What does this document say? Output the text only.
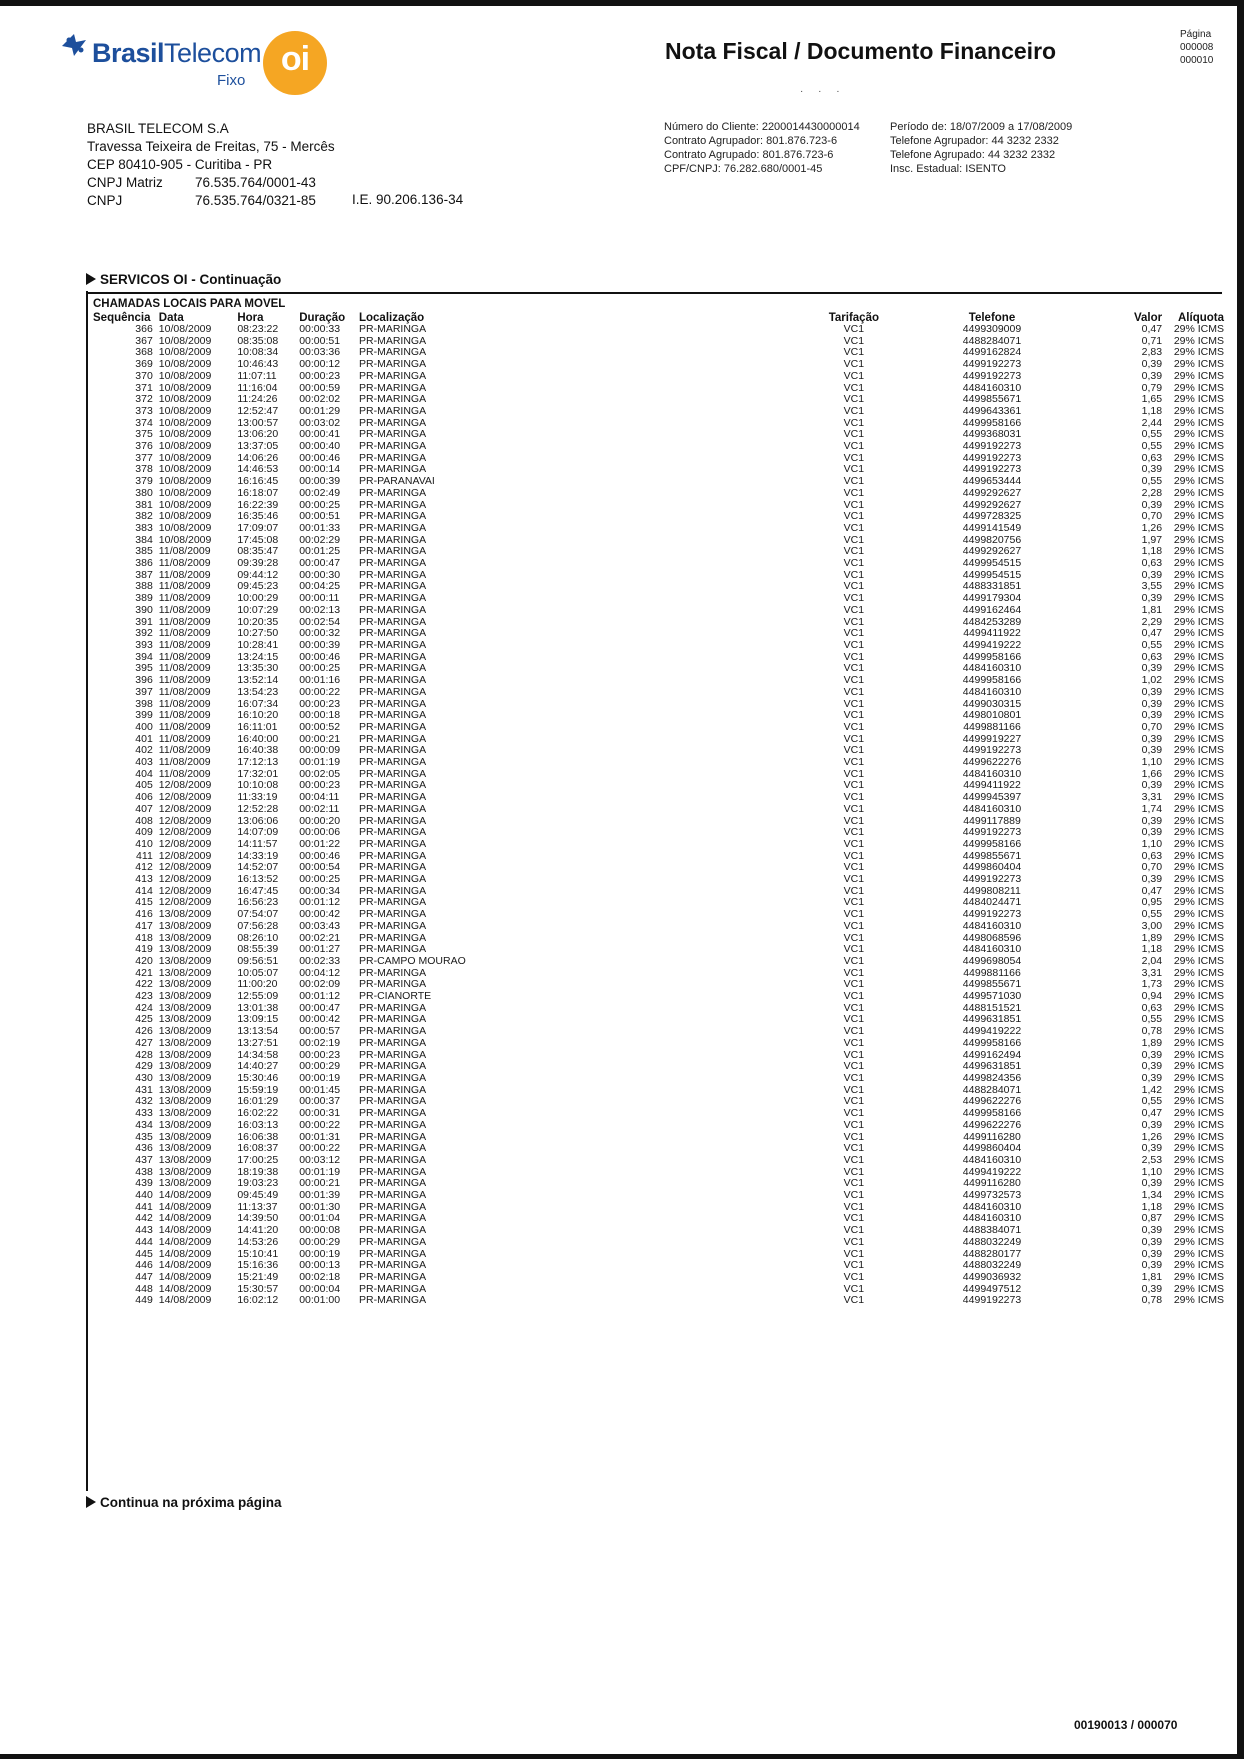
BrasilTelecom
Fixo
oi	Nota Fiscal / Documento Financeiro
· · ·
Página
000008
000010
BRASIL TELECOM S.A
Travessa Teixeira de Freitas, 75 - Mercês
CEP 80410-905 - Curitiba - PR
CNPJ Matriz 76.535.764/0001-43
CNPJ	76.535.764/0321-85	I.E. 90.206.136-34
Número do Cliente: 2200014430000014
Contrato Agrupador: 801.876.723-6
Contrato Agrupado: 801.876.723-6
CPF/CNPJ: 76.282.680/0001-45
Período de: 18/07/2009 a 17/08/2009
Telefone Agrupador: 44 3232 2332
Telefone Agrupado: 44 3232 2332
Insc. Estadual: ISENTO
SERVICOS OI - Continuação
CHAMADAS LOCAIS PARA MOVEL
Sequência	Data	Hora	Duração	Localização	Tarifação	Telefone	Valor	Alíquota
366	10/08/2009	08:23:22	00:00:33	PR-MARINGA	VC1	4499309009	0,47	29% ICMS
367	10/08/2009	08:35:08	00:00:51	PR-MARINGA	VC1	4488284071	0,71	29% ICMS
368	10/08/2009	10:08:34	00:03:36	PR-MARINGA	VC1	4499162824	2,83	29% ICMS
369	10/08/2009	10:46:43	00:00:12	PR-MARINGA	VC1	4499192273	0,39	29% ICMS
370	10/08/2009	11:07:11	00:00:23	PR-MARINGA	VC1	4499192273	0,39	29% ICMS
371	10/08/2009	11:16:04	00:00:59	PR-MARINGA	VC1	4484160310	0,79	29% ICMS
372	10/08/2009	11:24:26	00:02:02	PR-MARINGA	VC1	4499855671	1,65	29% ICMS
373	10/08/2009	12:52:47	00:01:29	PR-MARINGA	VC1	4499643361	1,18	29% ICMS
374	10/08/2009	13:00:57	00:03:02	PR-MARINGA	VC1	4499958166	2,44	29% ICMS
375	10/08/2009	13:06:20	00:00:41	PR-MARINGA	VC1	4499368031	0,55	29% ICMS
376	10/08/2009	13:37:05	00:00:40	PR-MARINGA	VC1	4499192273	0,55	29% ICMS
377	10/08/2009	14:06:26	00:00:46	PR-MARINGA	VC1	4499192273	0,63	29% ICMS
378	10/08/2009	14:46:53	00:00:14	PR-MARINGA	VC1	4499192273	0,39	29% ICMS
379	10/08/2009	16:16:45	00:00:39	PR-PARANAVAI	VC1	4499653444	0,55	29% ICMS
380	10/08/2009	16:18:07	00:02:49	PR-MARINGA	VC1	4499292627	2,28	29% ICMS
381	10/08/2009	16:22:39	00:00:25	PR-MARINGA	VC1	4499292627	0,39	29% ICMS
382	10/08/2009	16:35:46	00:00:51	PR-MARINGA	VC1	4499728325	0,70	29% ICMS
383	10/08/2009	17:09:07	00:01:33	PR-MARINGA	VC1	4499141549	1,26	29% ICMS
384	10/08/2009	17:45:08	00:02:29	PR-MARINGA	VC1	4499820756	1,97	29% ICMS
385	11/08/2009	08:35:47	00:01:25	PR-MARINGA	VC1	4499292627	1,18	29% ICMS
386	11/08/2009	09:39:28	00:00:47	PR-MARINGA	VC1	4499954515	0,63	29% ICMS
387	11/08/2009	09:44:12	00:00:30	PR-MARINGA	VC1	4499954515	0,39	29% ICMS
388	11/08/2009	09:45:23	00:04:25	PR-MARINGA	VC1	4488331851	3,55	29% ICMS
389	11/08/2009	10:00:29	00:00:11	PR-MARINGA	VC1	4499179304	0,39	29% ICMS
390	11/08/2009	10:07:29	00:02:13	PR-MARINGA	VC1	4499162464	1,81	29% ICMS
391	11/08/2009	10:20:35	00:02:54	PR-MARINGA	VC1	4484253289	2,29	29% ICMS
392	11/08/2009	10:27:50	00:00:32	PR-MARINGA	VC1	4499411922	0,47	29% ICMS
393	11/08/2009	10:28:41	00:00:39	PR-MARINGA	VC1	4499419222	0,55	29% ICMS
394	11/08/2009	13:24:15	00:00:46	PR-MARINGA	VC1	4499958166	0,63	29% ICMS
395	11/08/2009	13:35:30	00:00:25	PR-MARINGA	VC1	4484160310	0,39	29% ICMS
396	11/08/2009	13:52:14	00:01:16	PR-MARINGA	VC1	4499958166	1,02	29% ICMS
397	11/08/2009	13:54:23	00:00:22	PR-MARINGA	VC1	4484160310	0,39	29% ICMS
398	11/08/2009	16:07:34	00:00:23	PR-MARINGA	VC1	4499030315	0,39	29% ICMS
399	11/08/2009	16:10:20	00:00:18	PR-MARINGA	VC1	4498010801	0,39	29% ICMS
400	11/08/2009	16:11:01	00:00:52	PR-MARINGA	VC1	4499881166	0,70	29% ICMS
401	11/08/2009	16:40:00	00:00:21	PR-MARINGA	VC1	4499919227	0,39	29% ICMS
402	11/08/2009	16:40:38	00:00:09	PR-MARINGA	VC1	4499192273	0,39	29% ICMS
403	11/08/2009	17:12:13	00:01:19	PR-MARINGA	VC1	4499622276	1,10	29% ICMS
404	11/08/2009	17:32:01	00:02:05	PR-MARINGA	VC1	4484160310	1,66	29% ICMS
405	12/08/2009	10:10:08	00:00:23	PR-MARINGA	VC1	4499411922	0,39	29% ICMS
406	12/08/2009	11:33:19	00:04:11	PR-MARINGA	VC1	4499945397	3,31	29% ICMS
407	12/08/2009	12:52:28	00:02:11	PR-MARINGA	VC1	4484160310	1,74	29% ICMS
408	12/08/2009	13:06:06	00:00:20	PR-MARINGA	VC1	4499117889	0,39	29% ICMS
409	12/08/2009	14:07:09	00:00:06	PR-MARINGA	VC1	4499192273	0,39	29% ICMS
410	12/08/2009	14:11:57	00:01:22	PR-MARINGA	VC1	4499958166	1,10	29% ICMS
411	12/08/2009	14:33:19	00:00:46	PR-MARINGA	VC1	4499855671	0,63	29% ICMS
412	12/08/2009	14:52:07	00:00:54	PR-MARINGA	VC1	4499860404	0,70	29% ICMS
413	12/08/2009	16:13:52	00:00:25	PR-MARINGA	VC1	4499192273	0,39	29% ICMS
414	12/08/2009	16:47:45	00:00:34	PR-MARINGA	VC1	4499808211	0,47	29% ICMS
415	12/08/2009	16:56:23	00:01:12	PR-MARINGA	VC1	4484024471	0,95	29% ICMS
416	13/08/2009	07:54:07	00:00:42	PR-MARINGA	VC1	4499192273	0,55	29% ICMS
417	13/08/2009	07:56:28	00:03:43	PR-MARINGA	VC1	4484160310	3,00	29% ICMS
418	13/08/2009	08:26:10	00:02:21	PR-MARINGA	VC1	4498068596	1,89	29% ICMS
419	13/08/2009	08:55:39	00:01:27	PR-MARINGA	VC1	4484160310	1,18	29% ICMS
420	13/08/2009	09:56:51	00:02:33	PR-CAMPO MOURAO	VC1	4499698054	2,04	29% ICMS
421	13/08/2009	10:05:07	00:04:12	PR-MARINGA	VC1	4499881166	3,31	29% ICMS
422	13/08/2009	11:00:20	00:02:09	PR-MARINGA	VC1	4499855671	1,73	29% ICMS
423	13/08/2009	12:55:09	00:01:12	PR-CIANORTE	VC1	4499571030	0,94	29% ICMS
424	13/08/2009	13:01:38	00:00:47	PR-MARINGA	VC1	4488151521	0,63	29% ICMS
425	13/08/2009	13:09:15	00:00:42	PR-MARINGA	VC1	4499631851	0,55	29% ICMS
426	13/08/2009	13:13:54	00:00:57	PR-MARINGA	VC1	4499419222	0,78	29% ICMS
427	13/08/2009	13:27:51	00:02:19	PR-MARINGA	VC1	4499958166	1,89	29% ICMS
428	13/08/2009	14:34:58	00:00:23	PR-MARINGA	VC1	4499162494	0,39	29% ICMS
429	13/08/2009	14:40:27	00:00:29	PR-MARINGA	VC1	4499631851	0,39	29% ICMS
430	13/08/2009	15:30:46	00:00:19	PR-MARINGA	VC1	4499824356	0,39	29% ICMS
431	13/08/2009	15:59:19	00:01:45	PR-MARINGA	VC1	4488284071	1,42	29% ICMS
432	13/08/2009	16:01:29	00:00:37	PR-MARINGA	VC1	4499622276	0,55	29% ICMS
433	13/08/2009	16:02:22	00:00:31	PR-MARINGA	VC1	4499958166	0,47	29% ICMS
434	13/08/2009	16:03:13	00:00:22	PR-MARINGA	VC1	4499622276	0,39	29% ICMS
435	13/08/2009	16:06:38	00:01:31	PR-MARINGA	VC1	4499116280	1,26	29% ICMS
436	13/08/2009	16:08:37	00:00:22	PR-MARINGA	VC1	4499860404	0,39	29% ICMS
437	13/08/2009	17:00:25	00:03:12	PR-MARINGA	VC1	4484160310	2,53	29% ICMS
438	13/08/2009	18:19:38	00:01:19	PR-MARINGA	VC1	4499419222	1,10	29% ICMS
439	13/08/2009	19:03:23	00:00:21	PR-MARINGA	VC1	4499116280	0,39	29% ICMS
440	14/08/2009	09:45:49	00:01:39	PR-MARINGA	VC1	4499732573	1,34	29% ICMS
441	14/08/2009	11:13:37	00:01:30	PR-MARINGA	VC1	4484160310	1,18	29% ICMS
442	14/08/2009	14:39:50	00:01:04	PR-MARINGA	VC1	4484160310	0,87	29% ICMS
443	14/08/2009	14:41:20	00:00:08	PR-MARINGA	VC1	4488384071	0,39	29% ICMS
444	14/08/2009	14:53:26	00:00:29	PR-MARINGA	VC1	4488032249	0,39	29% ICMS
445	14/08/2009	15:10:41	00:00:19	PR-MARINGA	VC1	4488280177	0,39	29% ICMS
446	14/08/2009	15:16:36	00:00:13	PR-MARINGA	VC1	4488032249	0,39	29% ICMS
447	14/08/2009	15:21:49	00:02:18	PR-MARINGA	VC1	4499036932	1,81	29% ICMS
448	14/08/2009	15:30:57	00:00:04	PR-MARINGA	VC1	4499497512	0,39	29% ICMS
449	14/08/2009	16:02:12	00:01:00	PR-MARINGA	VC1	4499192273	0,78	29% ICMS
Continua na próxima página
00190013 / 000070
